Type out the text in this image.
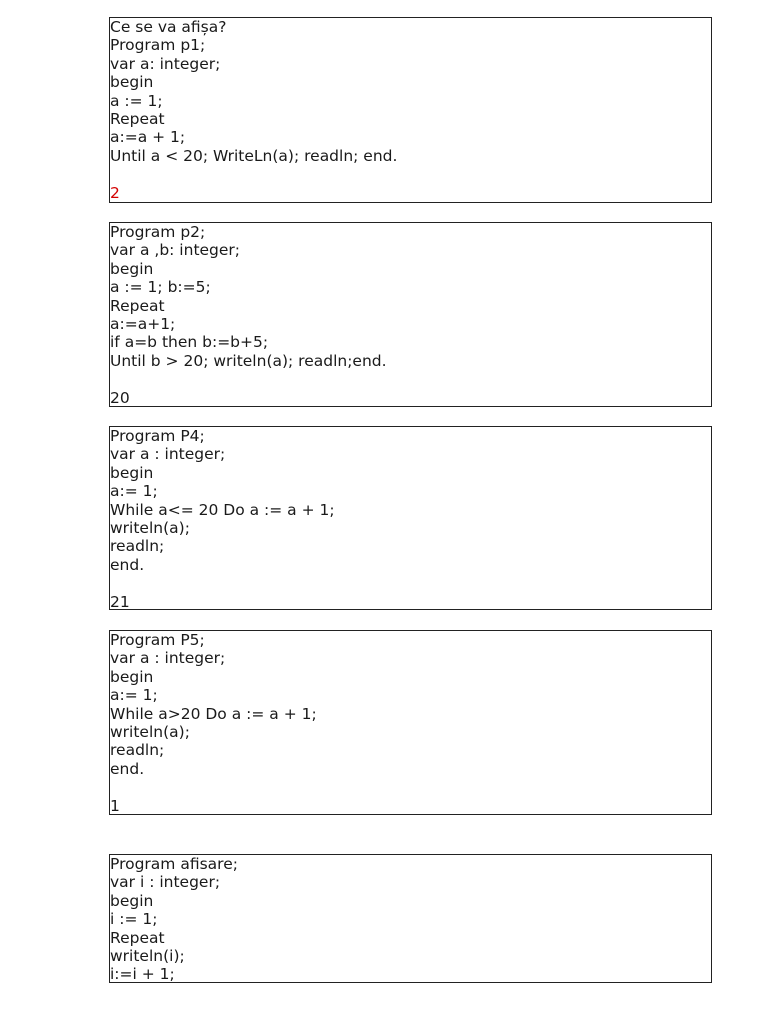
Ce se va afișa?
Program p1;
var a: integer;
begin
a := 1;
Repeat
a:=a + 1;
Until a < 20; WriteLn(a); readln; end.
2
Program p2;
var a ,b: integer;
begin
a := 1; b:=5;
Repeat
a:=a+1;
if a=b then b:=b+5;
Until b > 20; writeln(a); readln;end.
20
Program P4;
var a : integer;
begin
a:= 1;
While a<= 20 Do a := a + 1;
writeln(a);
readln;
end.
21
Program P5;
var a : integer;
begin
a:= 1;
While a>20 Do a := a + 1;
writeln(a);
readln;
end.
1
Program afisare;
var i : integer;
begin
i := 1;
Repeat
writeln(i);
i:=i + 1;
